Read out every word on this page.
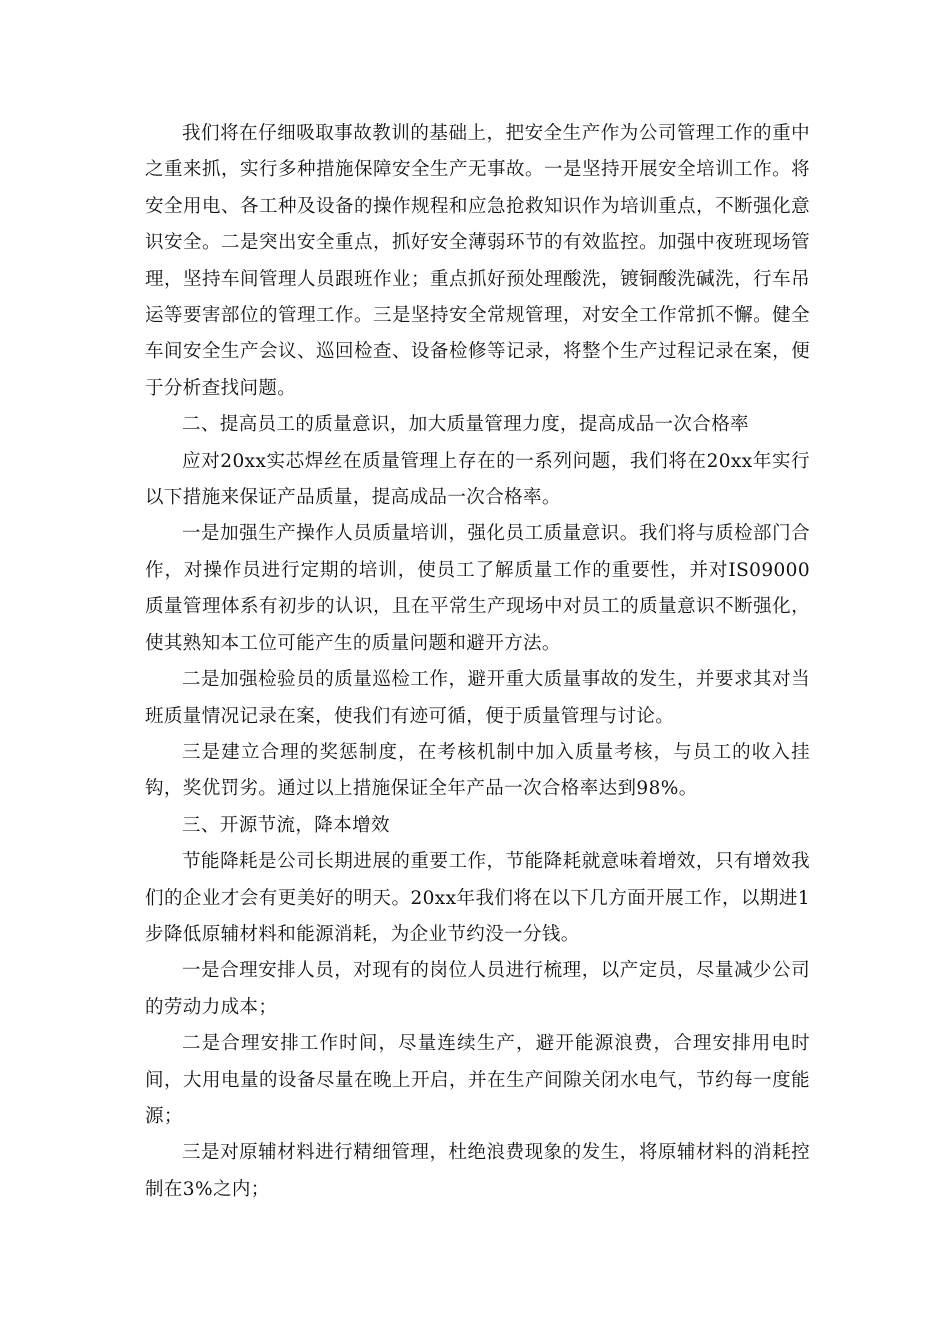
我们将在仔细吸取事故教训的基础上，把安全生产作为公司管理工作的重中之重来抓，实行多种措施保障安全生产无事故。一是坚持开展安全培训工作。将安全用电、各工种及设备的操作规程和应急抢救知识作为培训重点，不断强化意识安全。二是突出安全重点，抓好安全薄弱环节的有效监控。加强中夜班现场管理，坚持车间管理人员跟班作业；重点抓好预处理酸洗，镀铜酸洗碱洗，行车吊运等要害部位的管理工作。三是坚持安全常规管理，对安全工作常抓不懈。健全车间安全生产会议、巡回检查、设备检修等记录，将整个生产过程记录在案，便于分析查找问题。

二、提高员工的质量意识，加大质量管理力度，提高成品一次合格率

应对20xx实芯焊丝在质量管理上存在的一系列问题，我们将在20xx年实行以下措施来保证产品质量，提高成品一次合格率。

一是加强生产操作人员质量培训，强化员工质量意识。我们将与质检部门合作，对操作员进行定期的培训，使员工了解质量工作的重要性，并对IS09000质量管理体系有初步的认识，且在平常生产现场中对员工的质量意识不断强化，使其熟知本工位可能产生的质量问题和避开方法。

二是加强检验员的质量巡检工作，避开重大质量事故的发生，并要求其对当班质量情况记录在案，使我们有迹可循，便于质量管理与讨论。

三是建立合理的奖惩制度，在考核机制中加入质量考核，与员工的收入挂钩，奖优罚劣。通过以上措施保证全年产品一次合格率达到98%。

三、开源节流，降本增效

节能降耗是公司长期进展的重要工作，节能降耗就意味着增效，只有增效我们的企业才会有更美好的明天。20xx年我们将在以下几方面开展工作，以期进1步降低原辅材料和能源消耗，为企业节约没一分钱。

一是合理安排人员，对现有的岗位人员进行梳理，以产定员，尽量减少公司的劳动力成本；

二是合理安排工作时间，尽量连续生产，避开能源浪费，合理安排用电时间，大用电量的设备尽量在晚上开启，并在生产间隙关闭水电气，节约每一度能源；

三是对原辅材料进行精细管理，杜绝浪费现象的发生，将原辅材料的消耗控制在3%之内；
